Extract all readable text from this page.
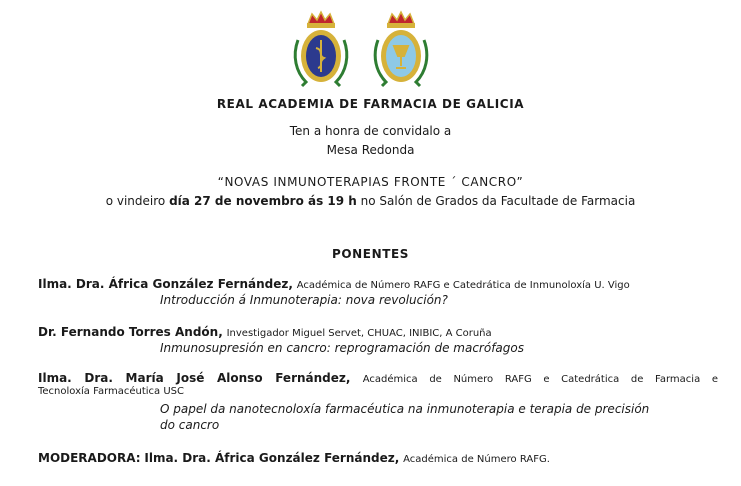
REAL ACADEMIA DE FARMACIA DE GALICIA
Ten a honra de convidalo a
Mesa Redonda
“NOVAS INMUNOTERAPIAS FRONTE ´ CANCRO”
o vindeiro día 27 de novembro ás 19 h no Salón de Grados da Facultade de Farmacia
PONENTES
Ilma. Dra. África González Fernández, Académica de Número RAFG e Catedrática de Inmunoloxía U. Vigo
Introducción á Inmunoterapia: nova revolución?
Dr. Fernando Torres Andón, Investigador Miguel Servet, CHUAC, INIBIC, A Coruña
Inmunosupresión en cancro: reprogramación de macrófagos
Ilma. Dra. María José Alonso Fernández, Académica de Número RAFG e Catedrática de Farmacia e
Tecnoloxía Farmacéutica USC
O papel da nanotecnoloxía farmacéutica na inmunoterapia e terapia de precisión
do cancro
MODERADORA: Ilma. Dra. África González Fernández, Académica de Número RAFG.
